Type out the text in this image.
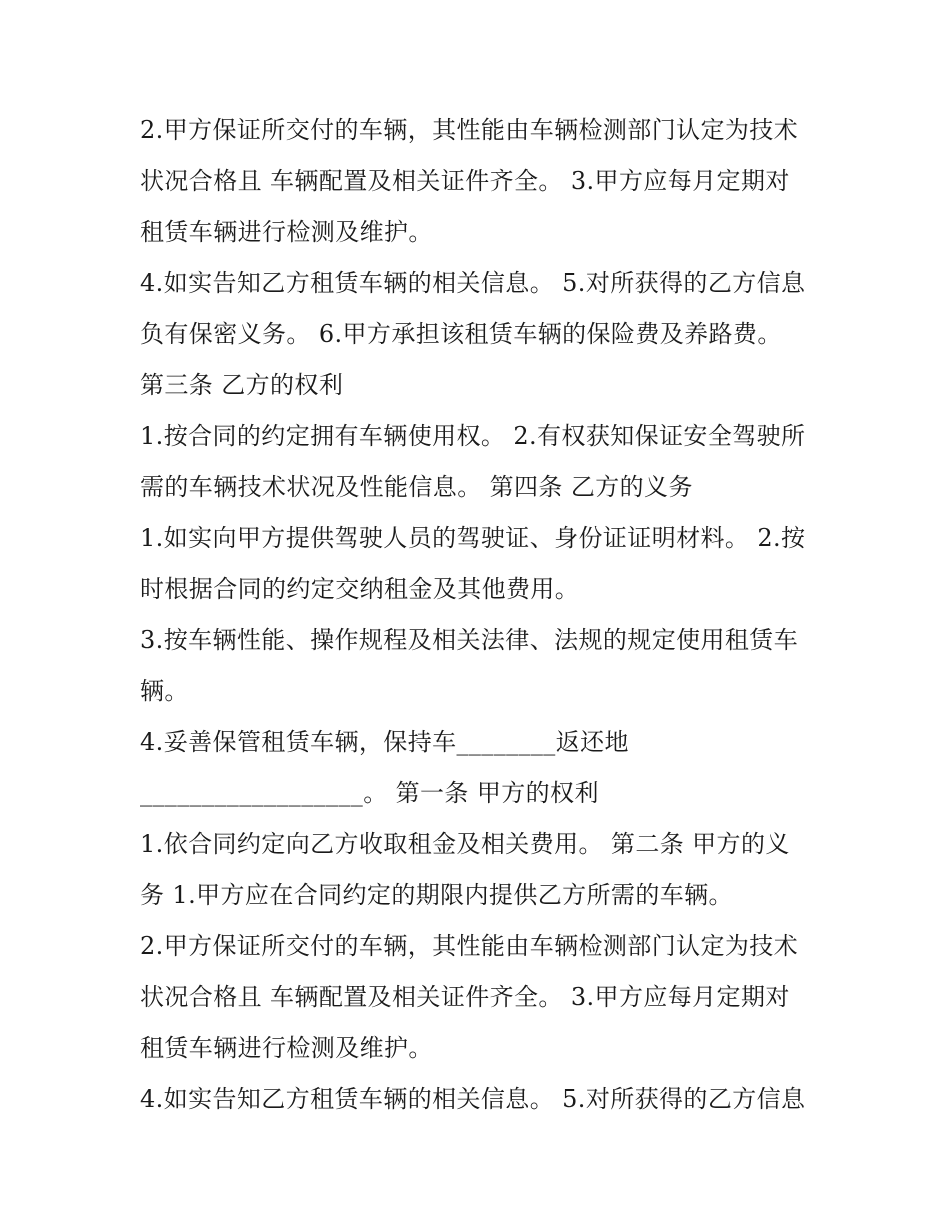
2.甲方保证所交付的车辆，其性能由车辆检测部门认定为技术
状况合格且 车辆配置及相关证件齐全。 3.甲方应每月定期对
租赁车辆进行检测及维护。
4.如实告知乙方租赁车辆的相关信息。 5.对所获得的乙方信息
负有保密义务。 6.甲方承担该租赁车辆的保险费及养路费。
第三条 乙方的权利
1.按合同的约定拥有车辆使用权。 2.有权获知保证安全驾驶所
需的车辆技术状况及性能信息。 第四条 乙方的义务
1.如实向甲方提供驾驶人员的驾驶证、身份证证明材料。 2.按
时根据合同的约定交纳租金及其他费用。
3.按车辆性能、操作规程及相关法律、法规的规定使用租赁车
辆。
4.妥善保管租赁车辆，保持车________返还地
__________________。 第一条 甲方的权利
1.依合同约定向乙方收取租金及相关费用。 第二条 甲方的义
务 1.甲方应在合同约定的期限内提供乙方所需的车辆。
2.甲方保证所交付的车辆，其性能由车辆检测部门认定为技术
状况合格且 车辆配置及相关证件齐全。 3.甲方应每月定期对
租赁车辆进行检测及维护。
4.如实告知乙方租赁车辆的相关信息。 5.对所获得的乙方信息
